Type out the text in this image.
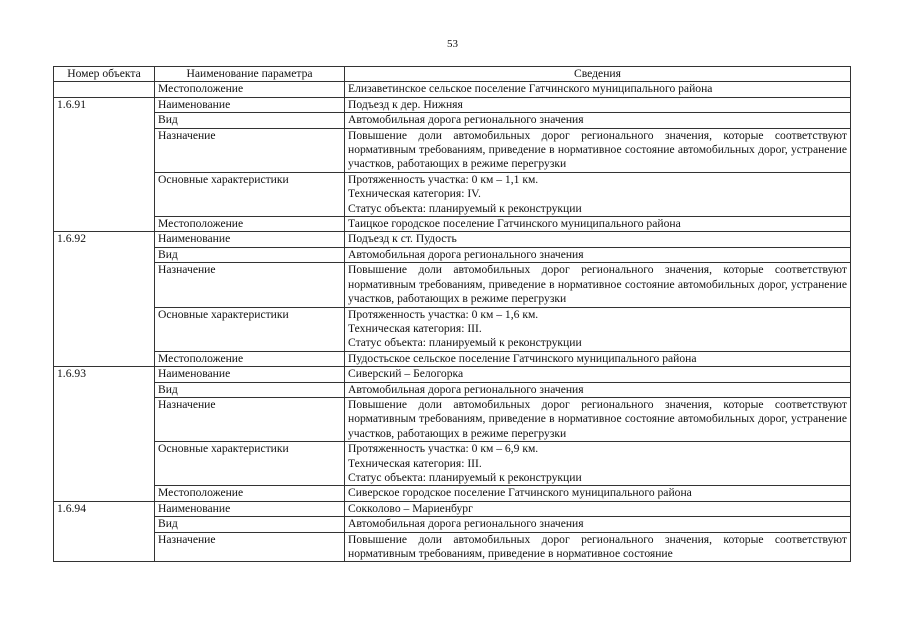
53
Номер объекта	Наименование параметра	Сведения
	Местоположение	Елизаветинское сельское поселение Гатчинского муниципального района
1.6.91	Наименование	Подъезд к дер. Нижняя
	Вид	Автомобильная дорога регионального значения
	Назначение	Повышение доли автомобильных дорог регионального значения, которые соответствуют нормативным требованиям, приведение в нормативное состояние автомобильных дорог, устранение участков, работающих в режиме перегрузки
	Основные характеристики	Протяженность участка: 0 км – 1,1 км.
Техническая категория: IV.
Статус объекта: планируемый к реконструкции

	Местоположение	Таицкое городское поселение Гатчинского муниципального района
1.6.92	Наименование	Подъезд к ст. Пудость
	Вид	Автомобильная дорога регионального значения
	Назначение	Повышение доли автомобильных дорог регионального значения, которые соответствуют нормативным требованиям, приведение в нормативное состояние автомобильных дорог, устранение участков, работающих в режиме перегрузки
	Основные характеристики	Протяженность участка: 0 км – 1,6 км.
Техническая категория: III.
Статус объекта: планируемый к реконструкции

	Местоположение	Пудостьское сельское поселение Гатчинского муниципального района
1.6.93	Наименование	Сиверский – Белогорка
	Вид	Автомобильная дорога регионального значения
	Назначение	Повышение доли автомобильных дорог регионального значения, которые соответствуют нормативным требованиям, приведение в нормативное состояние автомобильных дорог, устранение участков, работающих в режиме перегрузки
	Основные характеристики	Протяженность участка: 0 км – 6,9 км.
Техническая категория: III.
Статус объекта: планируемый к реконструкции

	Местоположение	Сиверское городское поселение Гатчинского муниципального района
1.6.94	Наименование	Сокколово – Мариенбург
	Вид	Автомобильная дорога регионального значения
	Назначение	Повышение доли автомобильных дорог регионального значения, которые соответствуют нормативным требованиям, приведение в нормативное состояние
